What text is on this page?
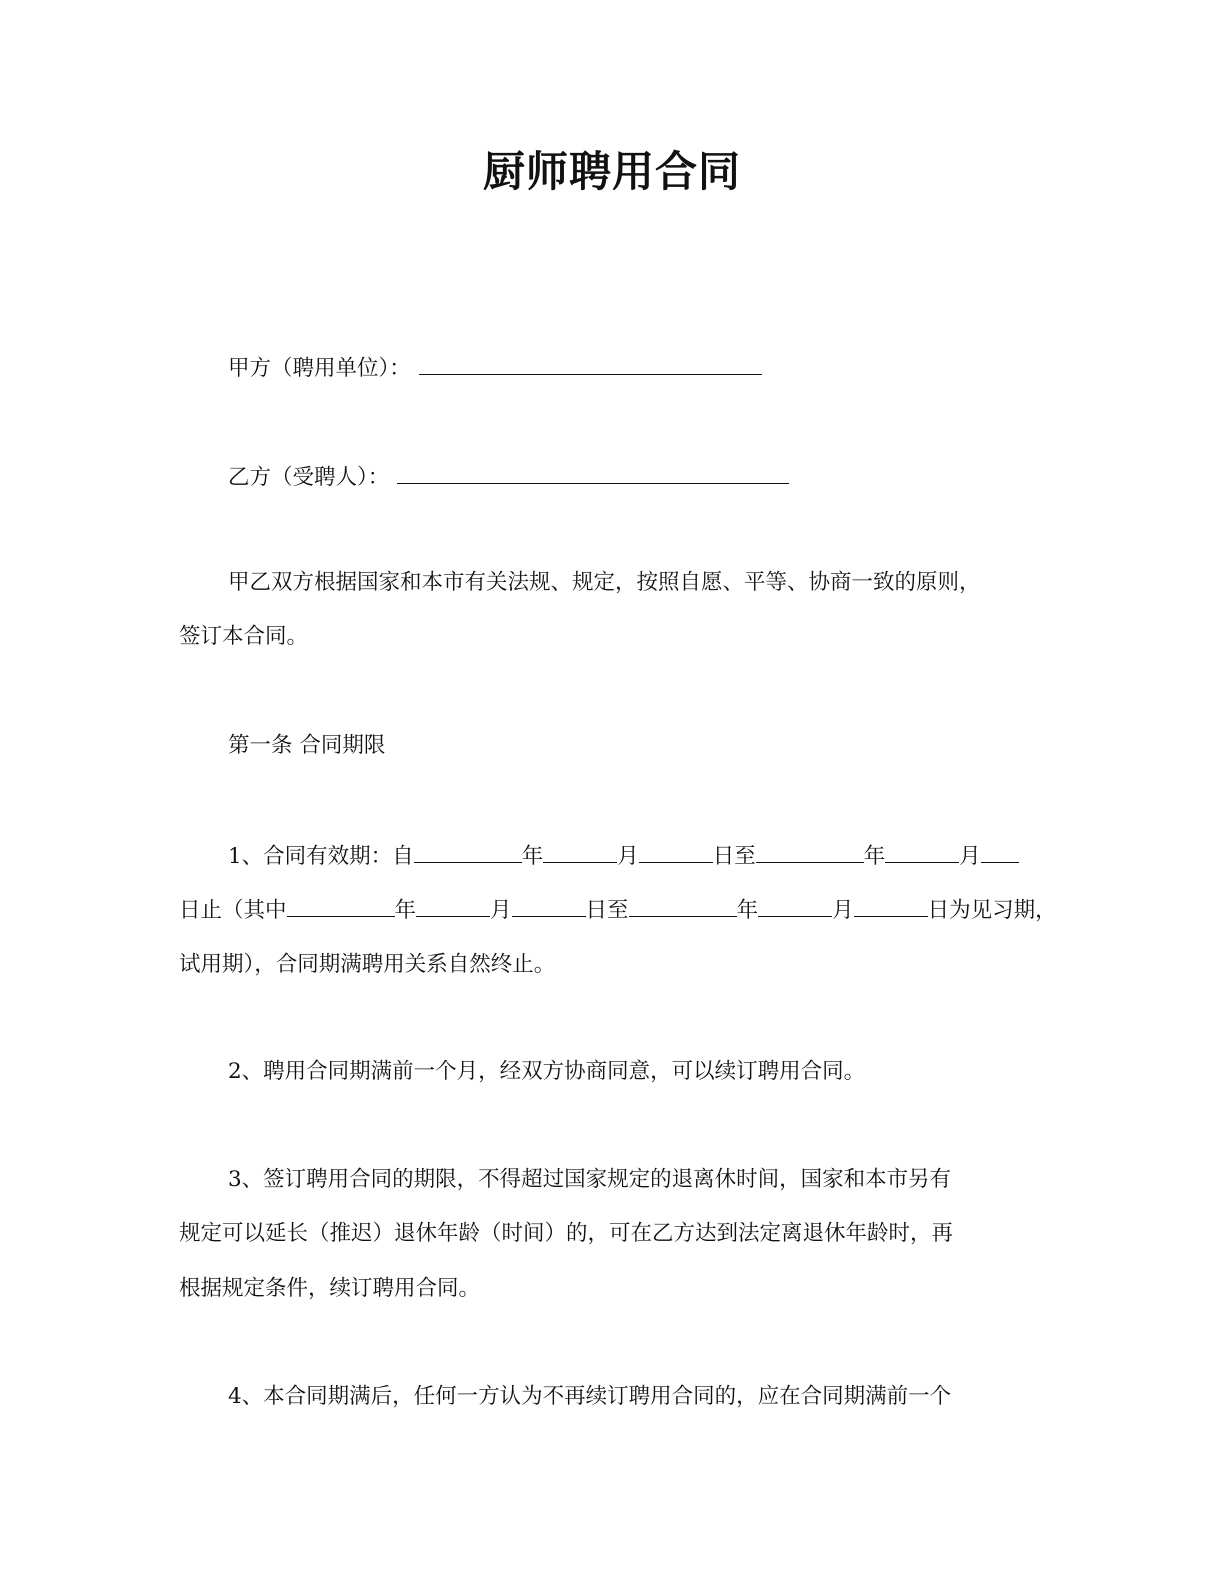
厨师聘用合同
甲方（聘用单位）：
乙方（受聘人）：
甲乙双方根据国家和本市有关法规、规定，按照自愿、平等、协商一致的原则，
签订本合同。
第一条 合同期限
1、合同有效期：自	年	月	日至	年	月
日止（其中	年	月	日至	年	月	日为见习期，
试用期），合同期满聘用关系自然终止。
2、聘用合同期满前一个月，经双方协商同意，可以续订聘用合同。
3、签订聘用合同的期限，不得超过国家规定的退离休时间，国家和本市另有
规定可以延长（推迟）退休年龄（时间）的，可在乙方达到法定离退休年龄时，再
根据规定条件，续订聘用合同。
4、本合同期满后，任何一方认为不再续订聘用合同的，应在合同期满前一个
